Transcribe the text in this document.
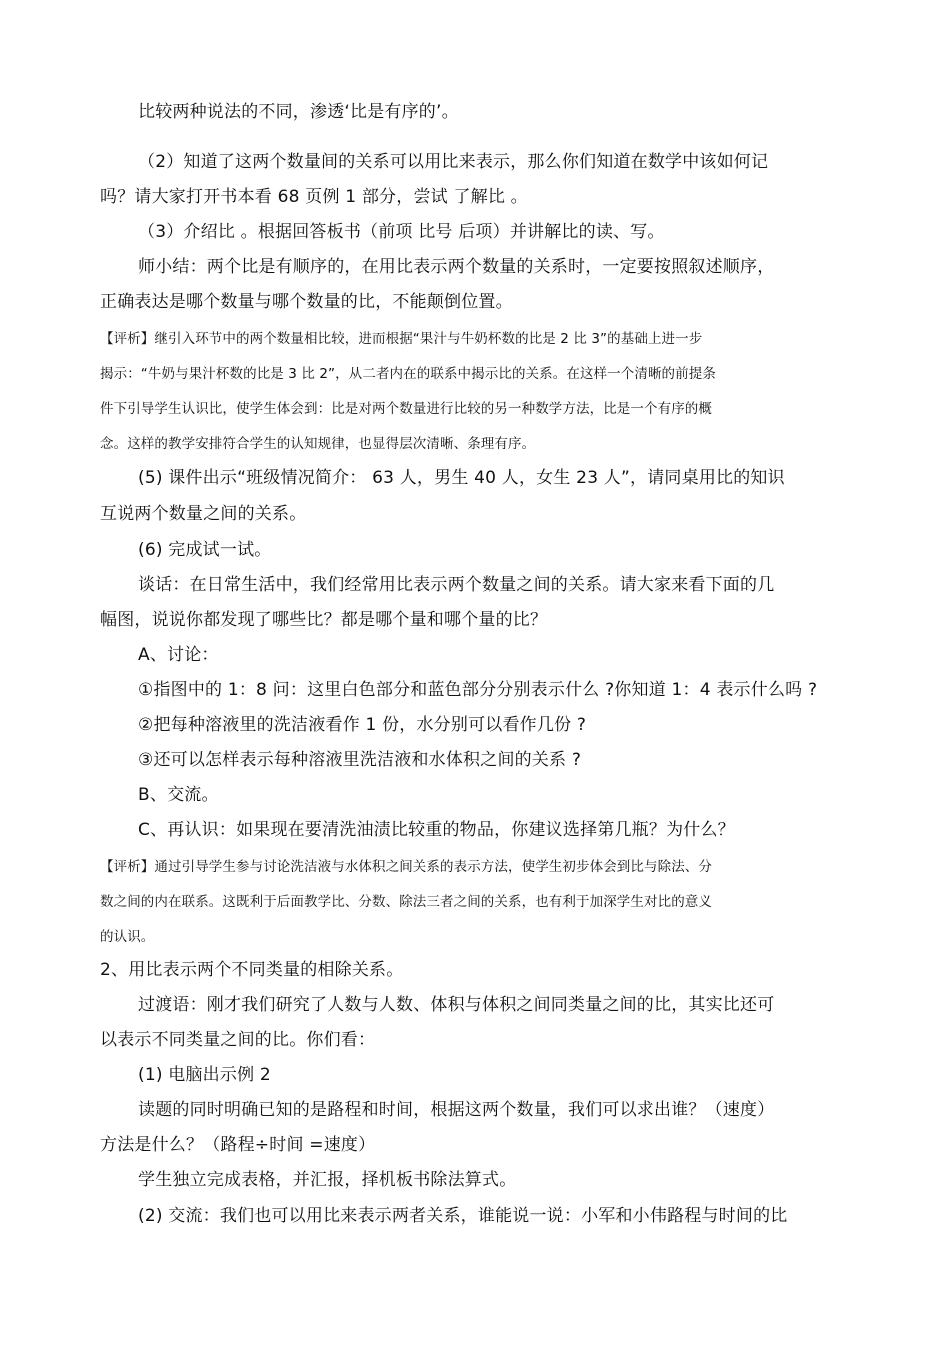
比较两种说法的不同，渗透‘比是有序的’。
（2）知道了这两个数量间的关系可以用比来表示，那么你们知道在数学中该如何记
吗？请大家打开书本看 68 页例 1 部分，尝试 了解比 。
（3）介绍比 。根据回答板书（前项 比号 后项）并讲解比的读、写。
师小结：两个比是有顺序的，在用比表示两个数量的关系时，一定要按照叙述顺序，
正确表达是哪个数量与哪个数量的比，不能颠倒位置。
【评析】继引入环节中的两个数量相比较，进而根据“果汁与牛奶杯数的比是 2 比 3”的基础上进一步
揭示：“牛奶与果汁杯数的比是 3 比 2”，从二者内在的联系中揭示比的关系。在这样一个清晰的前提条
件下引导学生认识比，使学生体会到：比是对两个数量进行比较的另一种数学方法，比是一个有序的概
念。这样的教学安排符合学生的认知规律，也显得层次清晰、条理有序。
(5) 课件出示“班级情况简介： 63 人，男生 40 人，女生 23 人”，请同桌用比的知识
互说两个数量之间的关系。
(6) 完成试一试。
谈话：在日常生活中，我们经常用比表示两个数量之间的关系。请大家来看下面的几
幅图，说说你都发现了哪些比？都是哪个量和哪个量的比？
A、讨论：
①指图中的 1：8 问：这里白色部分和蓝色部分分别表示什么 ?你知道 1：4 表示什么吗 ?
②把每种溶液里的洗洁液看作 1 份，水分别可以看作几份 ?
③还可以怎样表示每种溶液里洗洁液和水体积之间的关系 ?
B、交流。
C、再认识：如果现在要清洗油渍比较重的物品，你建议选择第几瓶？为什么？
【评析】通过引导学生参与讨论洗洁液与水体积之间关系的表示方法，使学生初步体会到比与除法、分
数之间的内在联系。这既利于后面教学比、分数、除法三者之间的关系，也有利于加深学生对比的意义
的认识。
2、用比表示两个不同类量的相除关系。
过渡语：刚才我们研究了人数与人数、体积与体积之间同类量之间的比，其实比还可
以表示不同类量之间的比。你们看：
(1) 电脑出示例 2
读题的同时明确已知的是路程和时间，根据这两个数量，我们可以求出谁？（速度）
方法是什么？（路程÷时间 =速度）
学生独立完成表格，并汇报，择机板书除法算式。
(2) 交流：我们也可以用比来表示两者关系，谁能说一说：小军和小伟路程与时间的比
